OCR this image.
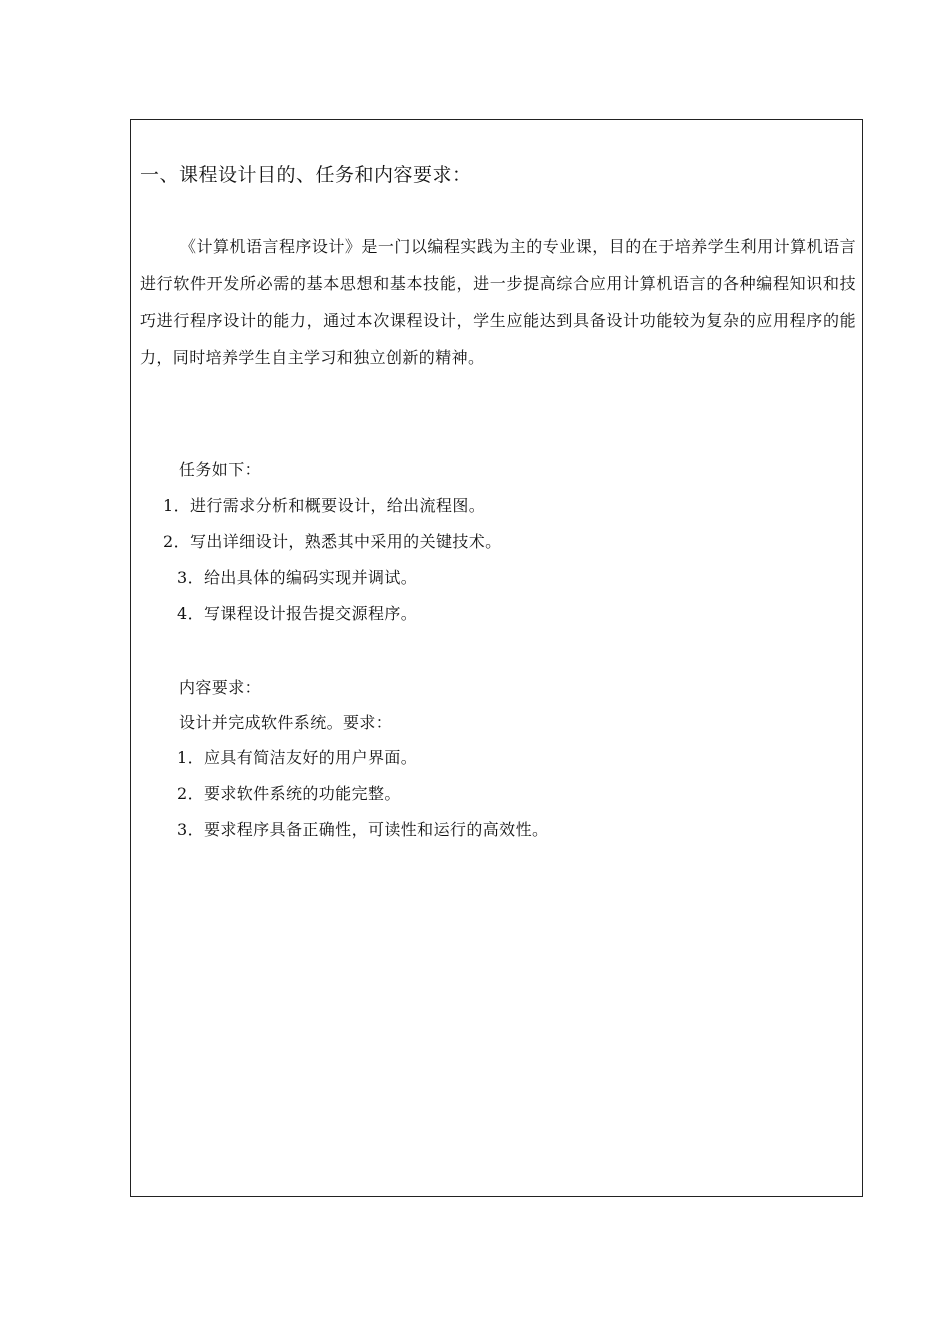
一、课程设计目的、任务和内容要求：
《计算机语言程序设计》是一门以编程实践为主的专业课，目的在于培养学生利用计算机语言进行软件开发所必需的基本思想和基本技能，进一步提高综合应用计算机语言的各种编程知识和技巧进行程序设计的能力，通过本次课程设计，学生应能达到具备设计功能较为复杂的应用程序的能力，同时培养学生自主学习和独立创新的精神。
任务如下：
1．进行需求分析和概要设计，给出流程图。
2．写出详细设计，熟悉其中采用的关键技术。
3．给出具体的编码实现并调试。
4．写课程设计报告提交源程序。
内容要求：
设计并完成软件系统。要求：
1．应具有简洁友好的用户界面。
2．要求软件系统的功能完整。
3．要求程序具备正确性，可读性和运行的高效性。
